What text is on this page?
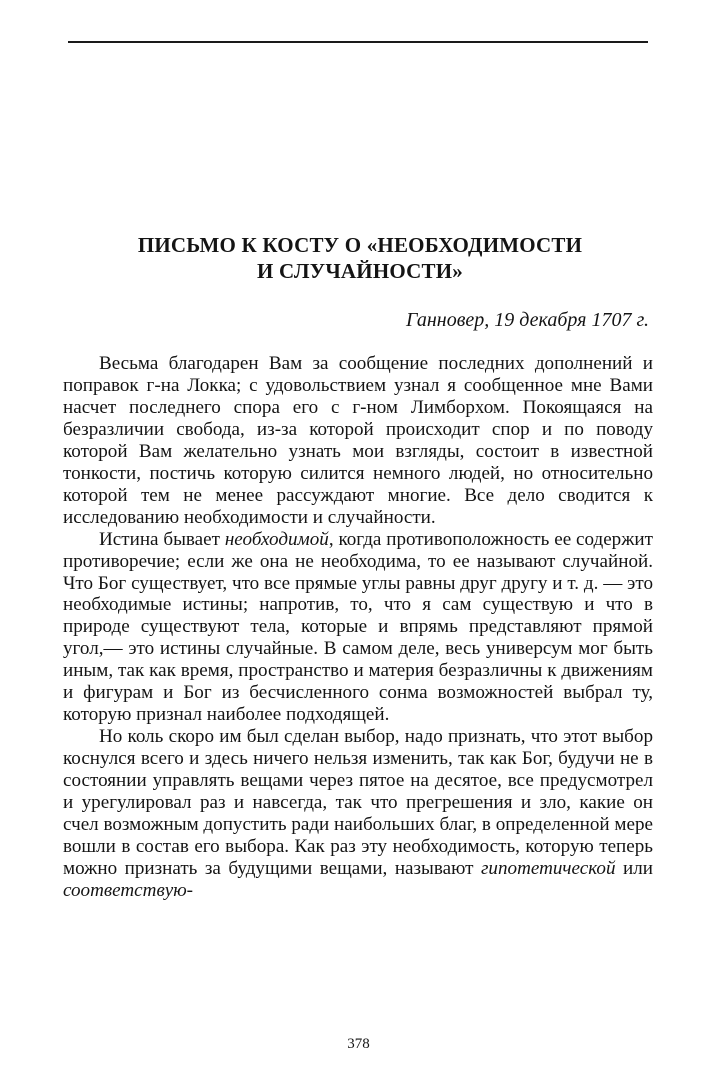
ПИСЬМО К КОСТУ О «НЕОБХОДИМОСТИ
И СЛУЧАЙНОСТИ»
Ганновер, 19 декабря 1707 г.

Весьма благодарен Вам за сообщение последних дополнений и поправок г-на Локка; с удовольствием узнал я сообщенное мне Вами насчет последнего спора его с г-ном Лимборхом. Покоящаяся на безразличии свобода, из-за которой происходит спор и по поводу которой Вам желательно узнать мои взгляды, состоит в известной тонкости, постичь которую силится немного людей, но относительно которой тем не менее рассуждают многие. Все дело сводится к исследованию необходимости и случайности.

Истина бывает необходимой, когда противоположность ее содержит противоречие; если же она не необходима, то ее называют случайной. Что Бог существует, что все прямые углы равны друг другу и т. д. — это необходимые истины; напротив, то, что я сам существую и что в природе существуют тела, которые и впрямь представляют прямой угол,— это истины случайные. В самом деле, весь универсум мог быть иным, так как время, пространство и материя безразличны к движениям и фигурам и Бог из бесчисленного сонма возможностей выбрал ту, которую признал наиболее подходящей.

Но коль скоро им был сделан выбор, надо признать, что этот выбор коснулся всего и здесь ничего нельзя изменить, так как Бог, будучи не в состоянии управлять вещами через пятое на десятое, все предусмотрел и урегулировал раз и навсегда, так что прегрешения и зло, какие он счел возможным допустить ради наибольших благ, в определенной мере вошли в состав его выбора. Как раз эту необходимость, которую теперь можно признать за будущими вещами, называют гипотетической или соответствую-

378
